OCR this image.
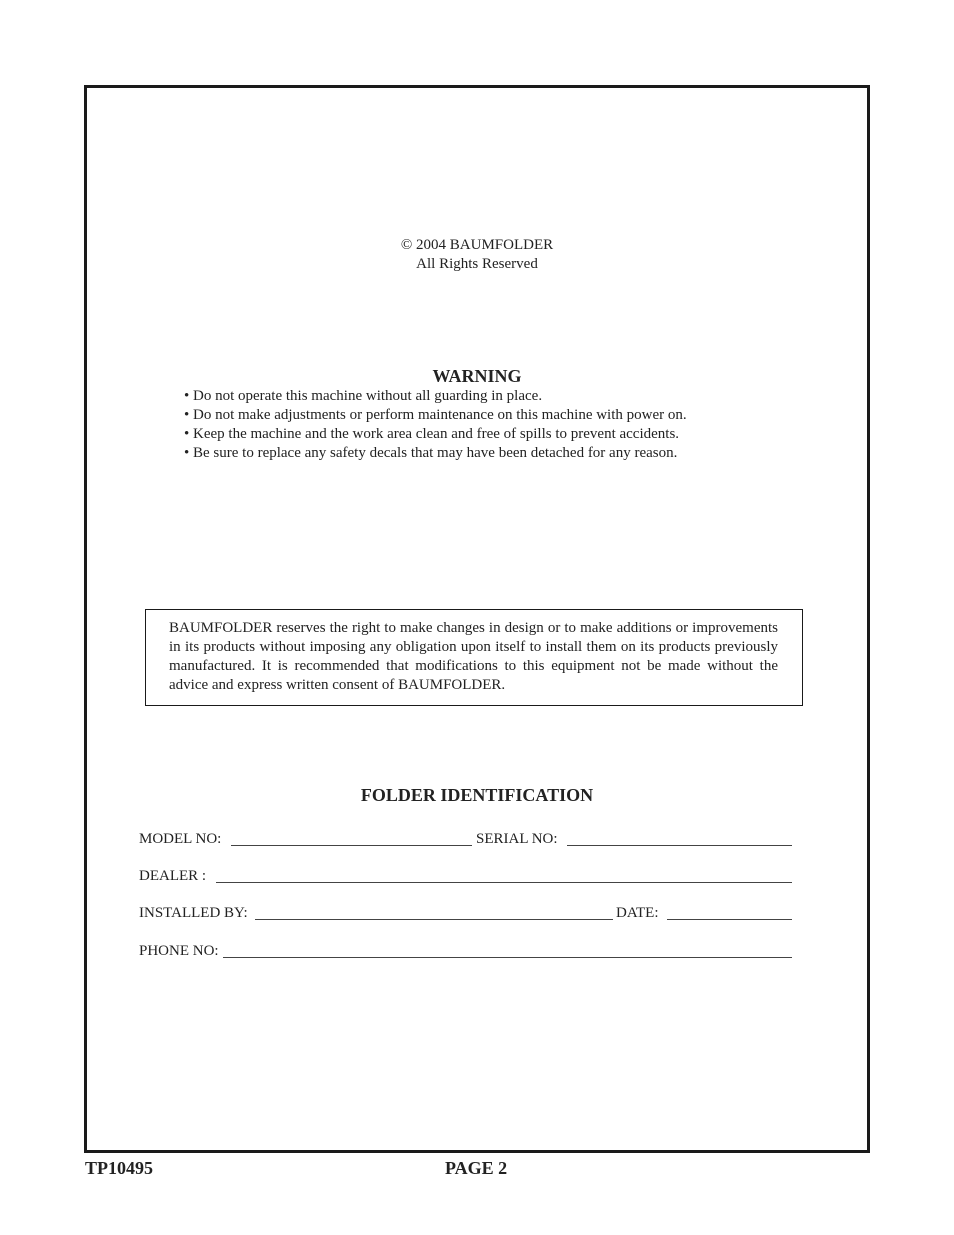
© 2004 BAUMFOLDER
All Rights Reserved
WARNING
• Do not operate this machine without all guarding in place.
• Do not make adjustments or perform maintenance on this machine with power on.
• Keep the machine and the work area clean and free of spills to prevent accidents.
• Be sure to replace any safety decals that may have been detached for any reason.

BAUMFOLDER reserves the right to make changes in design or to make additions or improvements in its products without imposing any obligation upon itself to install them on its products previously manufactured. It is recommended that modifications to this equipment not be made without the advice and express written consent of BAUMFOLDER.

FOLDER IDENTIFICATION
MODEL NO:	SERIAL NO:
DEALER :
INSTALLED BY:	DATE:
PHONE NO:
TP10495	PAGE 2
